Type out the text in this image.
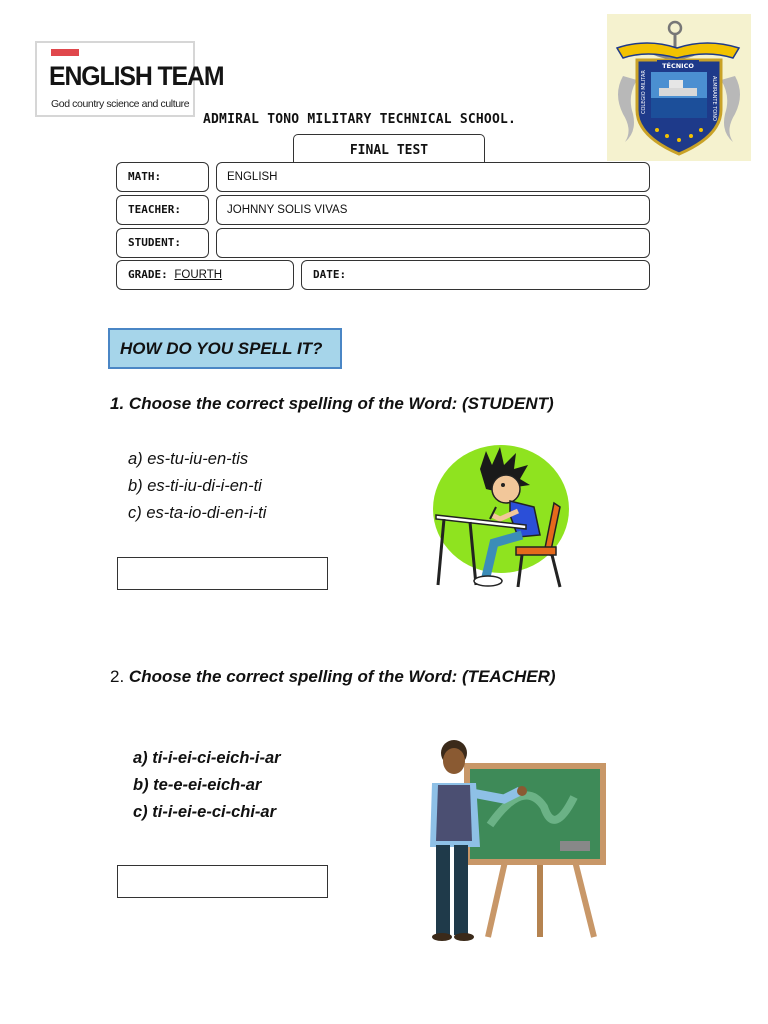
ENGLISH TEAM
God country science and culture
ADMIRAL TONO MILITARY TECHNICAL SCHOOL.
TÉCNICO
COLEGIO MILITAR	ALMIRANTE TONO
FINAL TEST
MATH:	ENGLISH
TEACHER:	JOHNNY SOLIS VIVAS
STUDENT:
GRADE: FOURTH	DATE:
HOW DO YOU SPELL IT?
1. Choose the correct spelling of the Word: (STUDENT)
a) es-tu-iu-en-tis
b) es-ti-iu-di-i-en-ti
c) es-ta-io-di-en-i-ti
2. Choose the correct spelling of the Word: (TEACHER)
a) ti-i-ei-ci-eich-i-ar
b) te-e-ei-eich-ar
c) ti-i-ei-e-ci-chi-ar
